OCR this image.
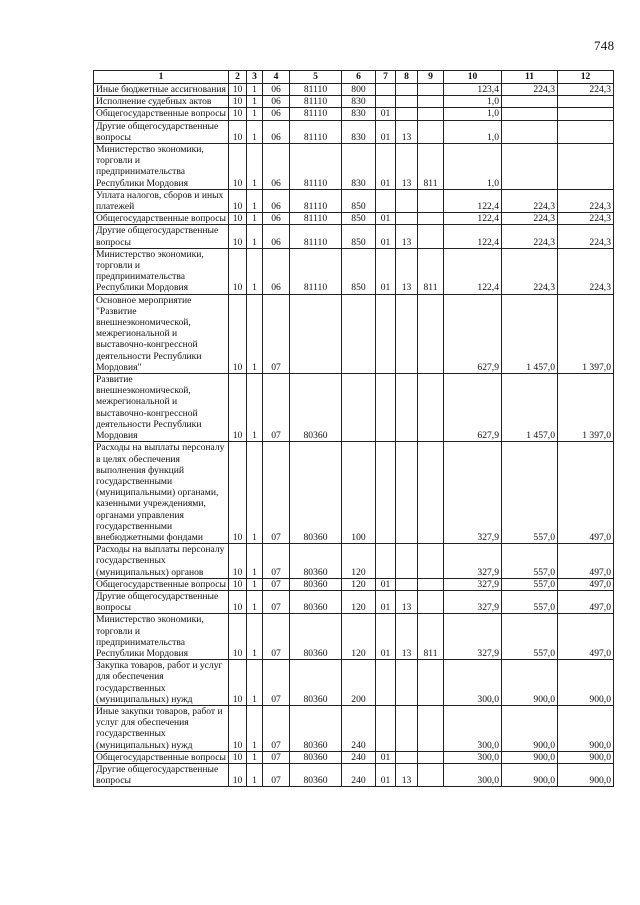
748
1	2	3	4	5	6	7	8	9	10	11	12
Иные бюджетные ассигнования	10	1	06	81110	800				123,4	224,3	224,3
Исполнение судебных актов	10	1	06	81110	830				1,0		
Общегосударственные вопросы	10	1	06	81110	830	01			1,0		
Другие общегосударственные вопросы	10	1	06	81110	830	01	13		1,0		
Министерство экономики, торговли и предпринимательства Республики Мордовия	10	1	06	81110	830	01	13	811	1,0		
Уплата налогов, сборов и иных платежей	10	1	06	81110	850				122,4	224,3	224,3
Общегосударственные вопросы	10	1	06	81110	850	01			122,4	224,3	224,3
Другие общегосударственные вопросы	10	1	06	81110	850	01	13		122,4	224,3	224,3
Министерство экономики, торговли и предпринимательства Республики Мордовия	10	1	06	81110	850	01	13	811	122,4	224,3	224,3
Основное мероприятие "Развитие внешнеэкономической, межрегиональной и выставочно-конгрессной деятельности Республики Мордовия"	10	1	07						627,9	1 457,0	1 397,0
Развитие внешнеэкономической, межрегиональной и выставочно-конгрессной деятельности Республики Мордовия	10	1	07	80360					627,9	1 457,0	1 397,0
Расходы на выплаты персоналу в целях обеспечения выполнения функций государственными (муниципальными) органами, казенными учреждениями, органами управления государственными внебюджетными фондами	10	1	07	80360	100				327,9	557,0	497,0
Расходы на выплаты персоналу государственных (муниципальных) органов	10	1	07	80360	120				327,9	557,0	497,0
Общегосударственные вопросы	10	1	07	80360	120	01			327,9	557,0	497,0
Другие общегосударственные вопросы	10	1	07	80360	120	01	13		327,9	557,0	497,0
Министерство экономики, торговли и предпринимательства Республики Мордовия	10	1	07	80360	120	01	13	811	327,9	557,0	497,0
Закупка товаров, работ и услуг для обеспечения государственных (муниципальных) нужд	10	1	07	80360	200				300,0	900,0	900,0
Иные закупки товаров, работ и услуг для обеспечения государственных (муниципальных) нужд	10	1	07	80360	240				300,0	900,0	900,0
Общегосударственные вопросы	10	1	07	80360	240	01			300,0	900,0	900,0
Другие общегосударственные вопросы	10	1	07	80360	240	01	13		300,0	900,0	900,0
